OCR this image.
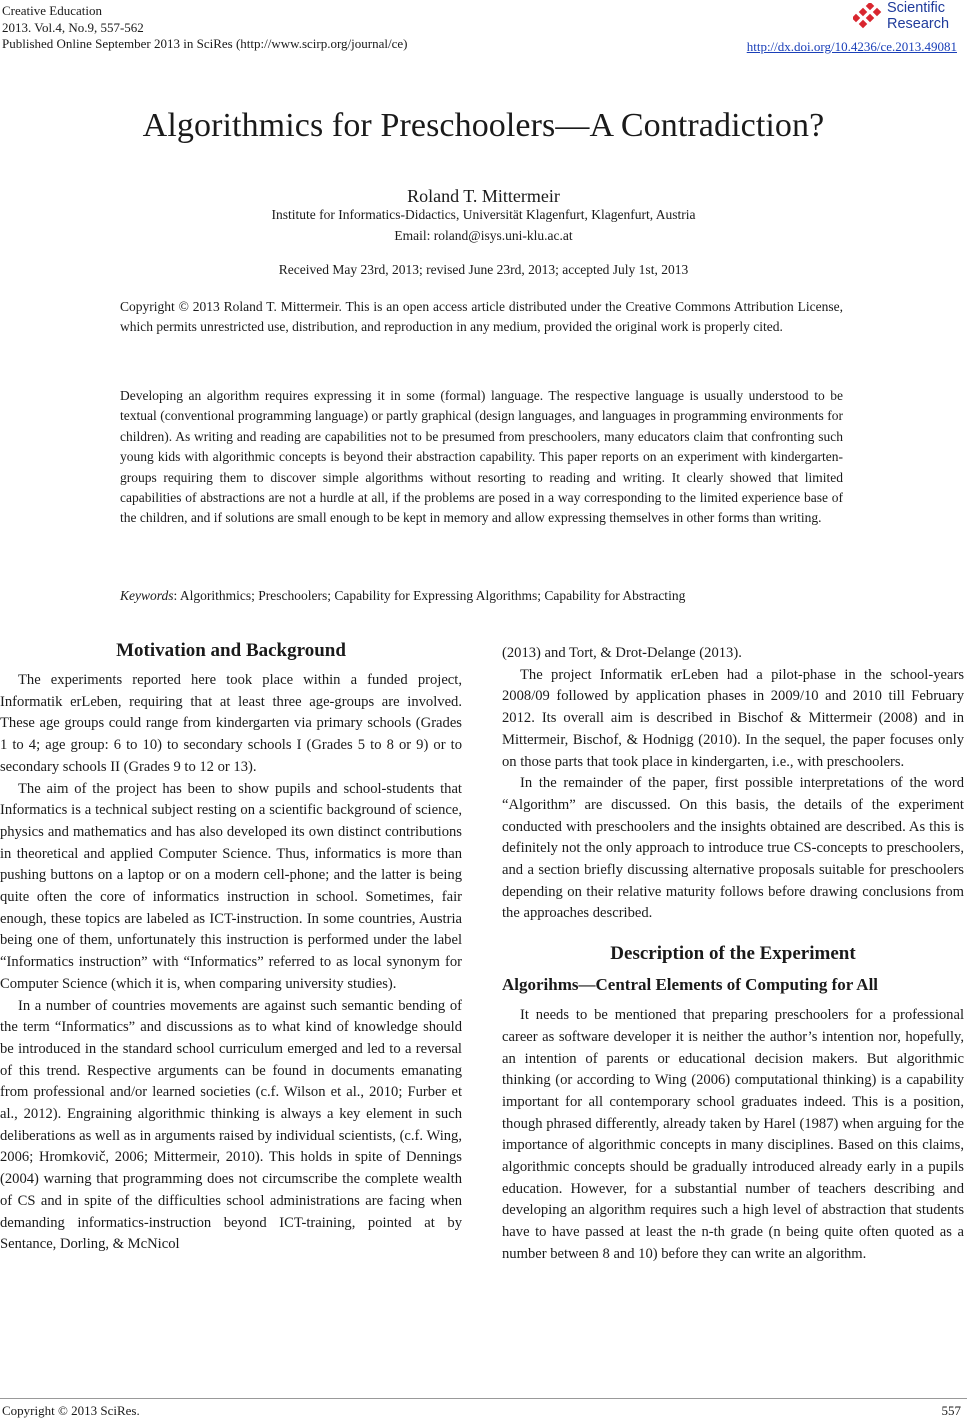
Creative Education
2013. Vol.4, No.9, 557-562
Published Online September 2013 in SciRes (http://www.scirp.org/journal/ce)
Scientific
Research
http://dx.doi.org/10.4236/ce.2013.49081
Algorithmics for Preschoolers—A Contradiction?
Roland T. Mittermeir
Institute for Informatics-Didactics, Universität Klagenfurt, Klagenfurt, Austria
Email: roland@isys.uni-klu.ac.at
Received May 23rd, 2013; revised June 23rd, 2013; accepted July 1st, 2013

Copyright © 2013 Roland T. Mittermeir. This is an open access article distributed under the Creative Commons Attribution License, which permits unrestricted use, distribution, and reproduction in any medium, provided the original work is properly cited.

Developing an algorithm requires expressing it in some (formal) language. The respective language is usually understood to be textual (conventional programming language) or partly graphical (design languages, and languages in programming environments for children). As writing and reading are capabilities not to be presumed from preschoolers, many educators claim that confronting such young kids with algorithmic concepts is beyond their abstraction capability. This paper reports on an experiment with kindergarten-groups requiring them to discover simple algorithms without resorting to reading and writing. It clearly showed that limited capabilities of abstractions are not a hurdle at all, if the problems are posed in a way corresponding to the limited experience base of the children, and if solutions are small enough to be kept in memory and allow expressing themselves in other forms than writing.

Keywords: Algorithmics; Preschoolers; Capability for Expressing Algorithms; Capability for Abstracting

Motivation and Background

The experiments reported here took place within a funded project, Informatik erLeben, requiring that at least three age-groups are involved. These age groups could range from kindergarten via primary schools (Grades 1 to 4; age group: 6 to 10) to secondary schools I (Grades 5 to 8 or 9) or to secondary schools II (Grades 9 to 12 or 13).

The aim of the project has been to show pupils and school-students that Informatics is a technical subject resting on a scientific background of science, physics and mathematics and has also developed its own distinct contributions in theoretical and applied Computer Science. Thus, informatics is more than pushing buttons on a laptop or on a modern cell-phone; and the latter is being quite often the core of informatics instruction in school. Sometimes, fair enough, these topics are labeled as ICT-instruction. In some countries, Austria being one of them, unfortunately this instruction is performed under the label “Informatics instruction” with “Informatics” referred to as local synonym for Computer Science (which it is, when comparing university studies).

In a number of countries movements are against such semantic bending of the term “Informatics” and discussions as to what kind of knowledge should be introduced in the standard school curriculum emerged and led to a reversal of this trend. Respective arguments can be found in documents emanating from professional and/or learned societies (c.f. Wilson et al., 2010; Furber et al., 2012). Engraining algorithmic thinking is always a key element in such deliberations as well as in arguments raised by individual scientists, (c.f. Wing, 2006; Hromkovič, 2006; Mittermeir, 2010). This holds in spite of Dennings (2004) warning that programming does not circumscribe the complete wealth of CS and in spite of the difficulties school administrations are facing when demanding informatics-instruction beyond ICT-training, pointed at by Sentance, Dorling, & McNicol

(2013) and Tort, & Drot-Delange (2013).

The project Informatik erLeben had a pilot-phase in the school-years 2008/09 followed by application phases in 2009/10 and 2010 till February 2012. Its overall aim is described in Bischof & Mittermeir (2008) and in Mittermeir, Bischof, & Hodnigg (2010). In the sequel, the paper focuses only on those parts that took place in kindergarten, i.e., with preschoolers.

In the remainder of the paper, first possible interpretations of the word “Algorithm” are discussed. On this basis, the details of the experiment conducted with preschoolers and the insights obtained are described. As this is definitely not the only approach to introduce true CS-concepts to preschoolers, and a section briefly discussing alternative proposals suitable for preschoolers depending on their relative maturity follows before drawing conclusions from the approaches described.

Description of the Experiment
Algorihms—Central Elements of Computing for All

It needs to be mentioned that preparing preschoolers for a professional career as software developer it is neither the author’s intention nor, hopefully, an intention of parents or educational decision makers. But algorithmic thinking (or according to Wing (2006) computational thinking) is a capability important for all contemporary school graduates indeed. This is a position, though phrased differently, already taken by Harel (1987) when arguing for the importance of algorithmic concepts in many disciplines. Based on this claims, algorithmic concepts should be gradually introduced already early in a pupils education. However, for a substantial number of teachers describing and developing an algorithm requires such a high level of abstraction that students have to have passed at least the n-th grade (n being quite often quoted as a number between 8 and 10) before they can write an algorithm.

Copyright © 2013 SciRes.	557
